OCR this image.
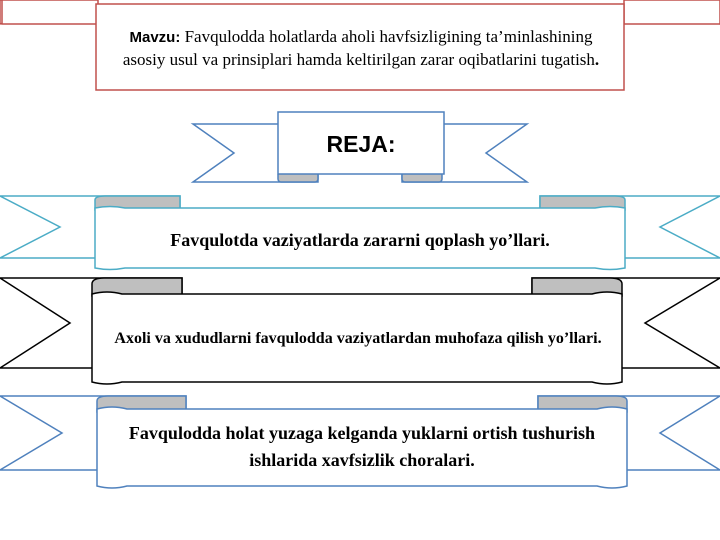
Mavzu: Favqulodda holatlarda aholi havfsizligining ta’minlashining asosiy usul va prinsiplari hamda keltirilgan zarar oqibatlarini tugatish.
REJA:
Favqulotda vaziyatlarda zararni qoplash yo’llari.
Axoli va xududlarni favqulodda vaziyatlardan muhofaza qilish yo’llari.
Favqulodda holat yuzaga kelganda yuklarni ortish tushurish ishlarida xavfsizlik choralari.
